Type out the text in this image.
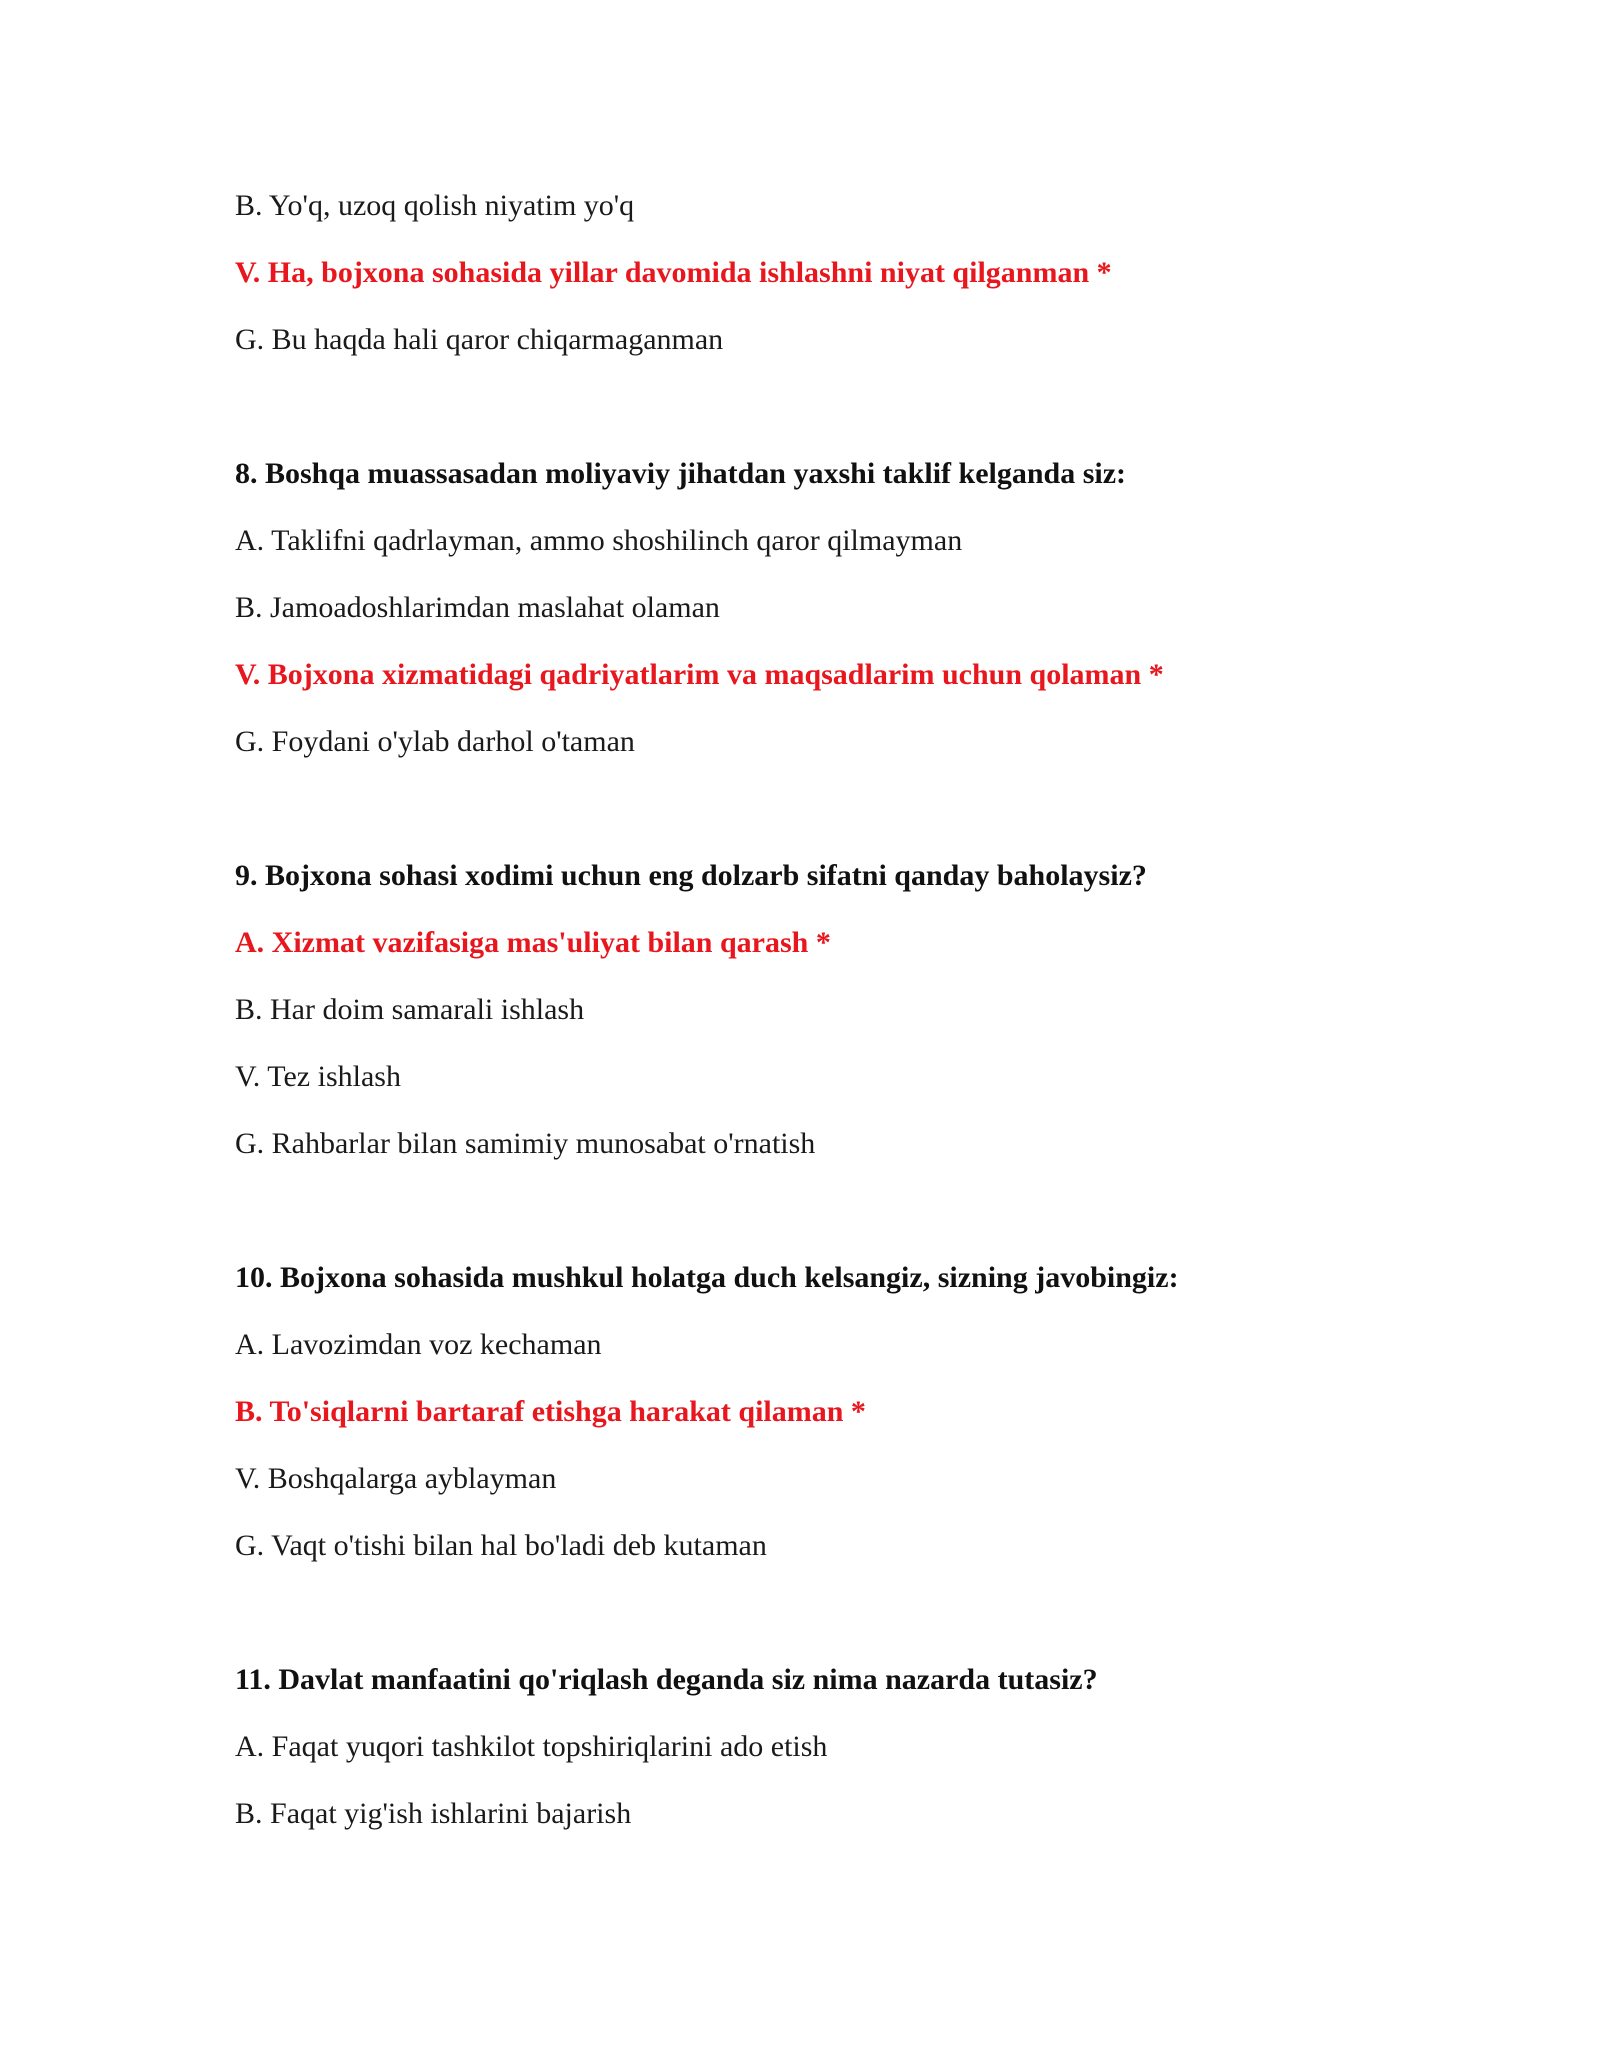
B. Yo'q, uzoq qolish niyatim yo'q
V. Ha, bojxona sohasida yillar davomida ishlashni niyat qilganman *
G. Bu haqda hali qaror chiqarmaganman
8. Boshqa muassasadan moliyaviy jihatdan yaxshi taklif kelganda siz:
A. Taklifni qadrlayman, ammo shoshilinch qaror qilmayman
B. Jamoadoshlarimdan maslahat olaman
V. Bojxona xizmatidagi qadriyatlarim va maqsadlarim uchun qolaman *
G. Foydani o'ylab darhol o'taman
9. Bojxona sohasi xodimi uchun eng dolzarb sifatni qanday baholaysiz?
A. Xizmat vazifasiga mas'uliyat bilan qarash *
B. Har doim samarali ishlash
V. Tez ishlash
G. Rahbarlar bilan samimiy munosabat o'rnatish
10. Bojxona sohasida mushkul holatga duch kelsangiz, sizning javobingiz:
A. Lavozimdan voz kechaman
B. To'siqlarni bartaraf etishga harakat qilaman *
V. Boshqalarga ayblayman
G. Vaqt o'tishi bilan hal bo'ladi deb kutaman
11. Davlat manfaatini qo'riqlash deganda siz nima nazarda tutasiz?
A. Faqat yuqori tashkilot topshiriqlarini ado etish
B. Faqat yig'ish ishlarini bajarish
